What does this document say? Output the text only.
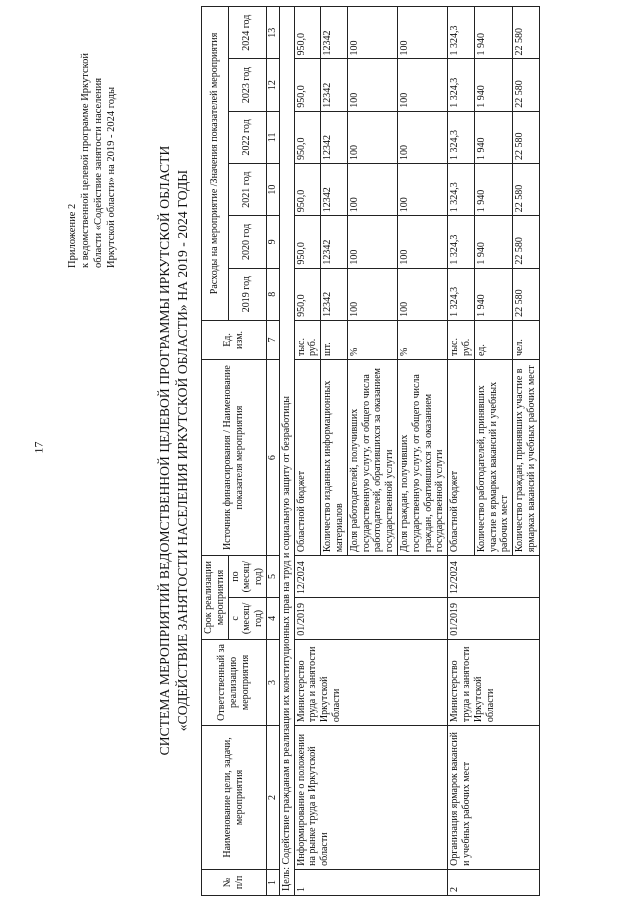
17
Приложение 2 к ведомственной целевой программе Иркутской области «Содействие занятости населения Иркутской области» на 2019 - 2024 годы	СИСТЕМА МЕРОПРИЯТИЙ ВЕДОМСТВЕННОЙ ЦЕЛЕВОЙ ПРОГРАММЫ ИРКУТСКОЙ ОБЛАСТИ «СОДЕЙСТВИЕ ЗАНЯТОСТИ НАСЕЛЕНИЯ ИРКУТСКОЙ ОБЛАСТИ» НА 2019 - 2024 ГОДЫ
№ п/п	Наименование цели, задачи, мероприятия	Ответственный за реализацию мероприятия	Срок реализации мероприятия		Источник финансирования / Наименование показателя мероприятия	Ед. изм.	Расходы на мероприятие /Значения показателей мероприятия					
			с (месяц/ год)	по (месяц/ год)			2019 год	2020 год	2021 год	2022 год	2023 год	2024 год
1	2	3	4	5	6	7	8	9	10	11	12	13
Цель: Содействие гражданам в реализации их конституционных прав на труд и социальную защиту от безработицы												
1	Информирование о положении на рынке труда в Иркутской области	Министерство труда и занятости Иркутской области	01/2019	12/2024	Областной бюджет	тыс. руб.	950,0	950,0	950,0	950,0	950,0	950,0
					Количество изданных информационных материалов	шт.	12342	12342	12342	12342	12342	12342
					Доля работодателей, получивших государственную услугу, от общего числа работодателей, обратившихся за оказанием государственной услуги	%	100	100	100	100	100	100
					Доля граждан, получивших государственную услугу, от общего числа граждан, обратившихся за оказанием государственной услуги	%	100	100	100	100	100	100
2	Организация ярмарок вакансий и учебных рабочих мест	Министерство труда и занятости Иркутской области	01/2019	12/2024	Областной бюджет	тыс. руб.	1 324,3	1 324,3	1 324,3	1 324,3	1 324,3	1 324,3
					Количество работодателей, принявших участие в ярмарках вакансий и учебных рабочих мест	ед.	1 940	1 940	1 940	1 940	1 940	1 940
					Количество граждан, принявших участие в ярмарках вакансий и учебных рабочих мест	чел.	22 580	22 580	22 580	22 580	22 580	22 580
